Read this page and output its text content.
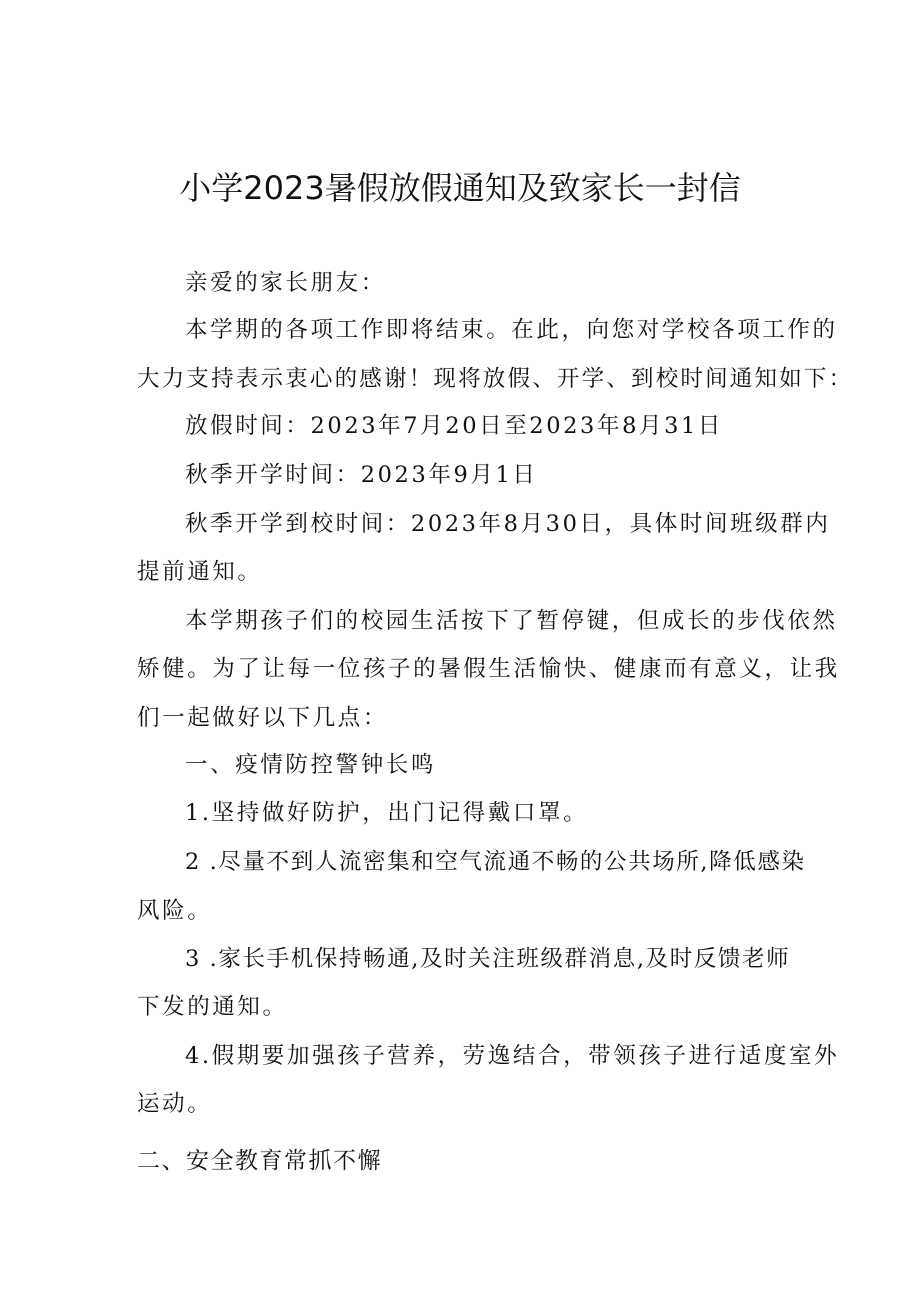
小学2023暑假放假通知及致家长一封信
亲爱的家长朋友：
本学期的各项工作即将结束。在此，向您对学校各项工作的
大力支持表示衷心的感谢！现将放假、开学、到校时间通知如下：
放假时间：2023年7月20日至2023年8月31日
秋季开学时间：2023年9月1日
秋季开学到校时间：2023年8月30日，具体时间班级群内
提前通知。
本学期孩子们的校园生活按下了暂停键，但成长的步伐依然
矫健。为了让每一位孩子的暑假生活愉快、健康而有意义，让我
们一起做好以下几点：
一、疫情防控警钟长鸣
1.坚持做好防护，出门记得戴口罩。
2 .尽量不到人流密集和空气流通不畅的公共场所,降低感染
风险。
3 .家长手机保持畅通,及时关注班级群消息,及时反馈老师
下发的通知。
4.假期要加强孩子营养，劳逸结合，带领孩子进行适度室外
运动。
二、安全教育常抓不懈
